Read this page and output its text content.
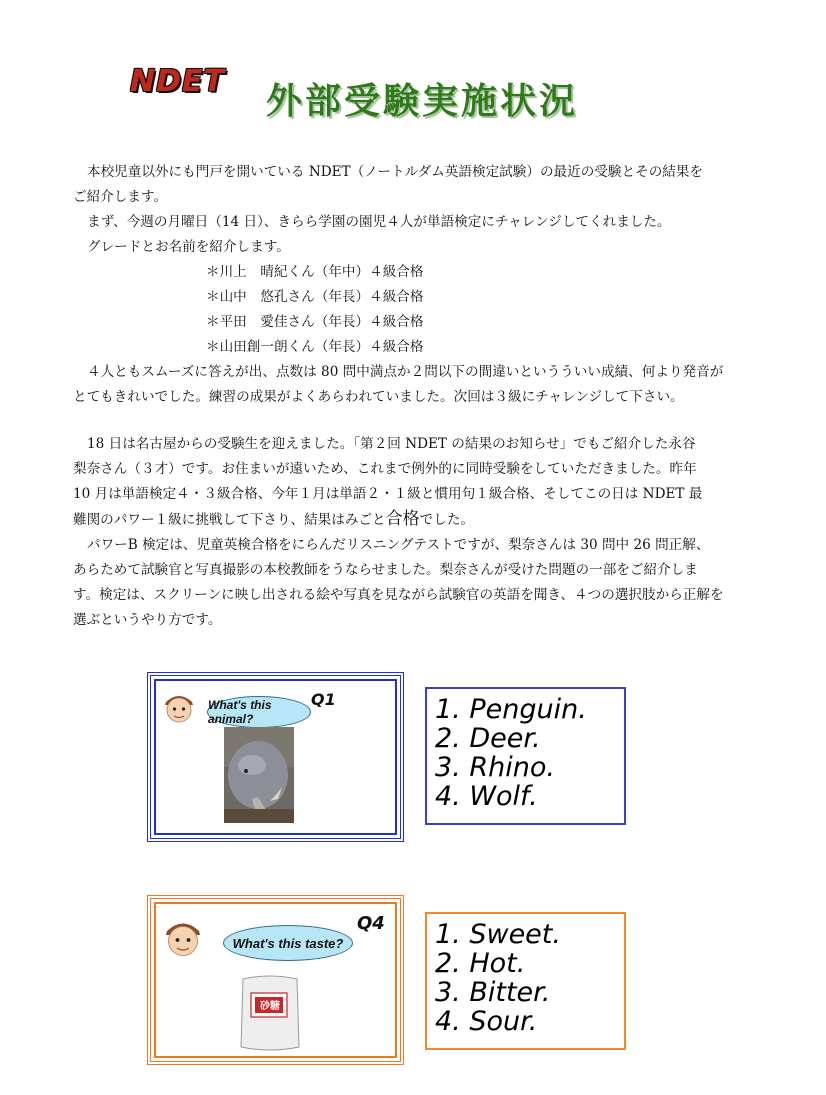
NDET	外部受験実施状況

本校児童以外にも門戸を開いている NDET（ノートルダム英語検定試験）の最近の受験とその結果を

ご紹介します。

まず、今週の月曜日（14 日）、きらら学園の園児４人が単語検定にチャレンジしてくれました。

グレードとお名前を紹介します。

＊川上　晴紀くん（年中）４級合格

＊山中　悠孔さん（年長）４級合格

＊平田　愛佳さん（年長）４級合格

＊山田創一朗くん（年長）４級合格

４人ともスムーズに答えが出、点数は 80 問中満点か２問以下の間違いというういい成績、何より発音が

とてもきれいでした。練習の成果がよくあらわれていました。次回は３級にチャレンジして下さい。

18 日は名古屋からの受験生を迎えました。「第２回 NDET の結果のお知らせ」でもご紹介した永谷

梨奈さん（３才）です。お住まいが遠いため、これまで例外的に同時受験をしていただきました。昨年

10 月は単語検定４・３級合格、今年１月は単語２・１級と慣用句１級合格、そしてこの日は NDET 最

難関のパワー１級に挑戦して下さり、結果はみごと合格でした。

パワーB 検定は、児童英検合格をにらんだリスニングテストですが、梨奈さんは 30 問中 26 問正解、

あらためて試験官と写真撮影の本校教師をうならせました。梨奈さんが受けた問題の一部をご紹介しま

す。検定は、スクリーンに映し出される絵や写真を見ながら試験官の英語を聞き、４つの選択肢から正解を

選ぶというやり方です。

What's this animal?
Q1	1. Penguin.
2. Deer.
3. Rhino.
4. Wolf.
What's this taste?
Q4
砂糖
1. Sweet.
2. Hot.
3. Bitter.
4. Sour.
